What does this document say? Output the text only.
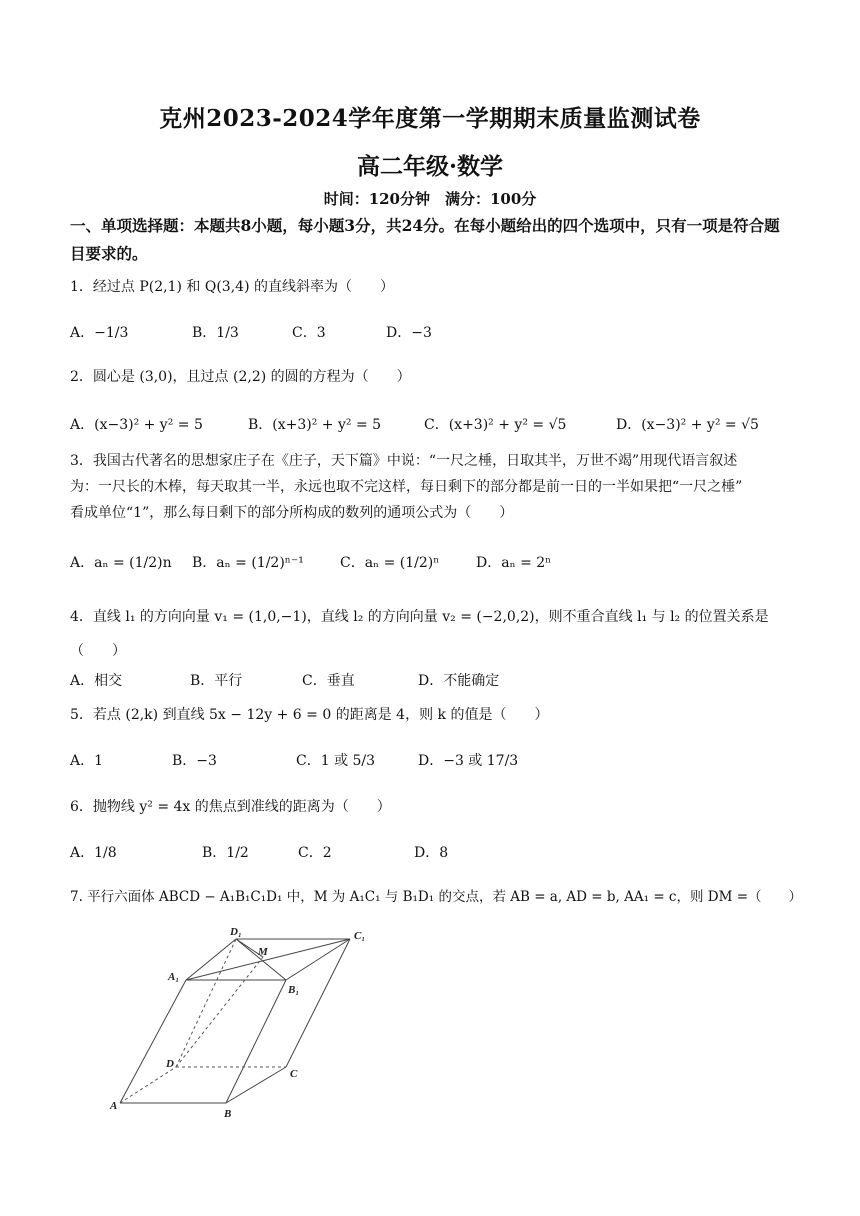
克州2023-2024学年度第一学期期末质量监测试卷
高二年级·数学
时间：120分钟　满分：100分
一、单项选择题：本题共8小题，每小题3分，共24分。在每小题给出的四个选项中，只有一项是符合题目要求的。
1．经过点 P(2,1) 和 Q(3,4) 的直线斜率为（　　）
A．−1/3	B．1/3	C．3	D．−3
2．圆心是 (3,0)，且过点 (2,2) 的圆的方程为（　　）
A．(x−3)² + y² = 5	B．(x+3)² + y² = 5	C．(x+3)² + y² = √5	D．(x−3)² + y² = √5
3．我国古代著名的思想家庄子在《庄子，天下篇》中说：“一尺之棰，日取其半，万世不竭”用现代语言叙述
为：一尺长的木棒，每天取其一半，永远也取不完这样，每日剩下的部分都是前一日的一半如果把“一尺之棰”
看成单位“1”，那么每日剩下的部分所构成的数列的通项公式为（　　）
A．aₙ = (1/2)n B．aₙ = (1/2)ⁿ⁻¹	C．aₙ = (1/2)ⁿ	D．aₙ = 2ⁿ
4．直线 l₁ 的方向向量 v₁ = (1,0,−1)，直线 l₂ 的方向向量 v₂ = (−2,0,2)，则不重合直线 l₁ 与 l₂ 的位置关系是
（　　）
A．相交	B．平行	C．垂直	D．不能确定
5．若点 (2,k) 到直线 5x − 12y + 6 = 0 的距离是 4，则 k 的值是（　　）
A．1	B．−3	C．1 或 5/3	D．−3 或 17/3
6．抛物线 y² = 4x 的焦点到准线的距离为（　　）
A．1/8	B．1/2	C．2	D．8
7. 平行六面体 ABCD − A₁B₁C₁D₁ 中，M 为 A₁C₁ 与 B₁D₁ 的交点，若 AB = a, AD = b, AA₁ = c，则 DM =（　　）
D₁
M
C₁
A₁
B₁
D
C
A
B
